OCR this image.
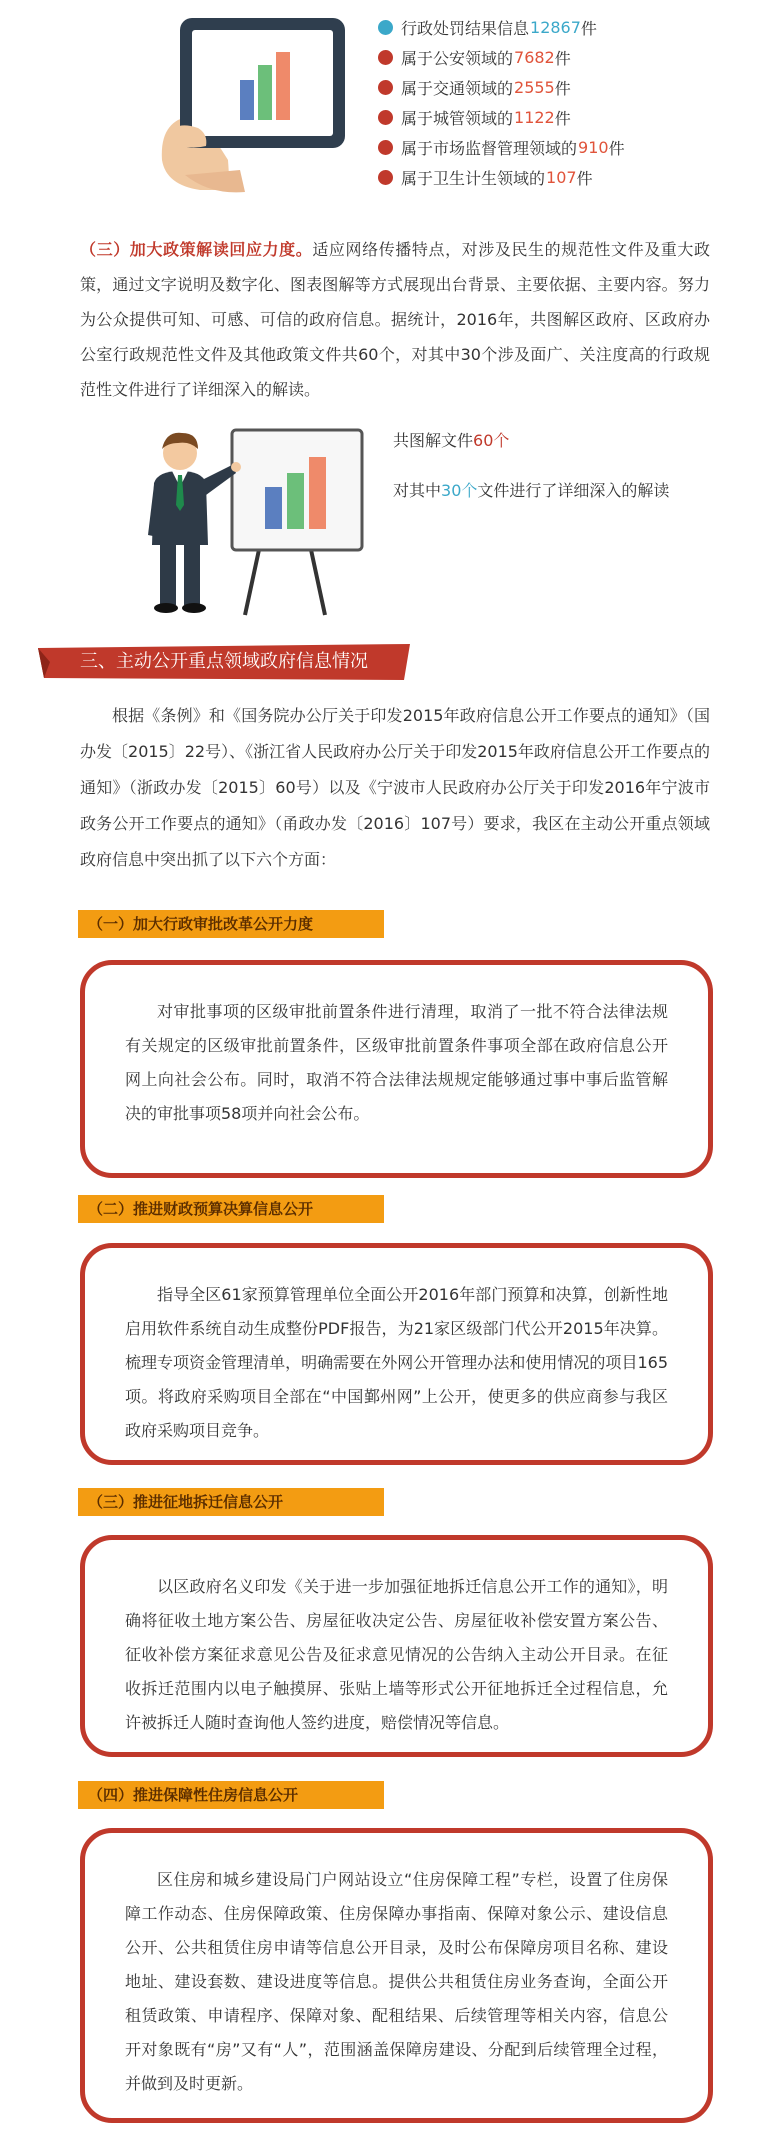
行政处罚结果信息 12867 件
属于公安领域的 7682 件
属于交通领域的 2555 件
属于城管领域的 1122 件
属于市场监督管理领域的 910 件
属于卫生计生领域的 107 件
（三）加大政策解读回应力度。适应网络传播特点，对涉及民生的规范性文件及重大政策，通过文字说明及数字化、图表图解等方式展现出台背景、主要依据、主要内容。努力为公众提供可知、可感、可信的政府信息。据统计，2016年，共图解区政府、区政府办公室行政规范性文件及其他政策文件共60个，对其中30个涉及面广、关注度高的行政规范性文件进行了详细深入的解读。
共图解文件60个
对其中30个文件进行了详细深入的解读
三、主动公开重点领域政府信息情况
根据《条例》和《国务院办公厅关于印发2015年政府信息公开工作要点的通知》（国办发〔2015〕22号）、《浙江省人民政府办公厅关于印发2015年政府信息公开工作要点的通知》（浙政办发〔2015〕60号）以及《宁波市人民政府办公厅关于印发2016年宁波市政务公开工作要点的通知》（甬政办发〔2016〕107号）要求，我区在主动公开重点领域政府信息中突出抓了以下六个方面：
（一）加大行政审批改革公开力度

对审批事项的区级审批前置条件进行清理，取消了一批不符合法律法规有关规定的区级审批前置条件，区级审批前置条件事项全部在政府信息公开网上向社会公布。同时，取消不符合法律法规规定能够通过事中事后监管解决的审批事项58项并向社会公布。

（二）推进财政预算决算信息公开

指导全区61家预算管理单位全面公开2016年部门预算和决算，创新性地启用软件系统自动生成整份PDF报告，为21家区级部门代公开2015年决算。梳理专项资金管理清单，明确需要在外网公开管理办法和使用情况的项目165项。将政府采购项目全部在“中国鄞州网”上公开，使更多的供应商参与我区政府采购项目竞争。

（三）推进征地拆迁信息公开

以区政府名义印发《关于进一步加强征地拆迁信息公开工作的通知》，明确将征收土地方案公告、房屋征收决定公告、房屋征收补偿安置方案公告、征收补偿方案征求意见公告及征求意见情况的公告纳入主动公开目录。在征收拆迁范围内以电子触摸屏、张贴上墙等形式公开征地拆迁全过程信息，允许被拆迁人随时查询他人签约进度，赔偿情况等信息。

（四）推进保障性住房信息公开

区住房和城乡建设局门户网站设立“住房保障工程”专栏，设置了住房保障工作动态、住房保障政策、住房保障办事指南、保障对象公示、建设信息公开、公共租赁住房申请等信息公开目录，及时公布保障房项目名称、建设地址、建设套数、建设进度等信息。提供公共租赁住房业务查询，全面公开租赁政策、申请程序、保障对象、配租结果、后续管理等相关内容，信息公开对象既有“房”又有“人”，范围涵盖保障房建设、分配到后续管理全过程，并做到及时更新。
